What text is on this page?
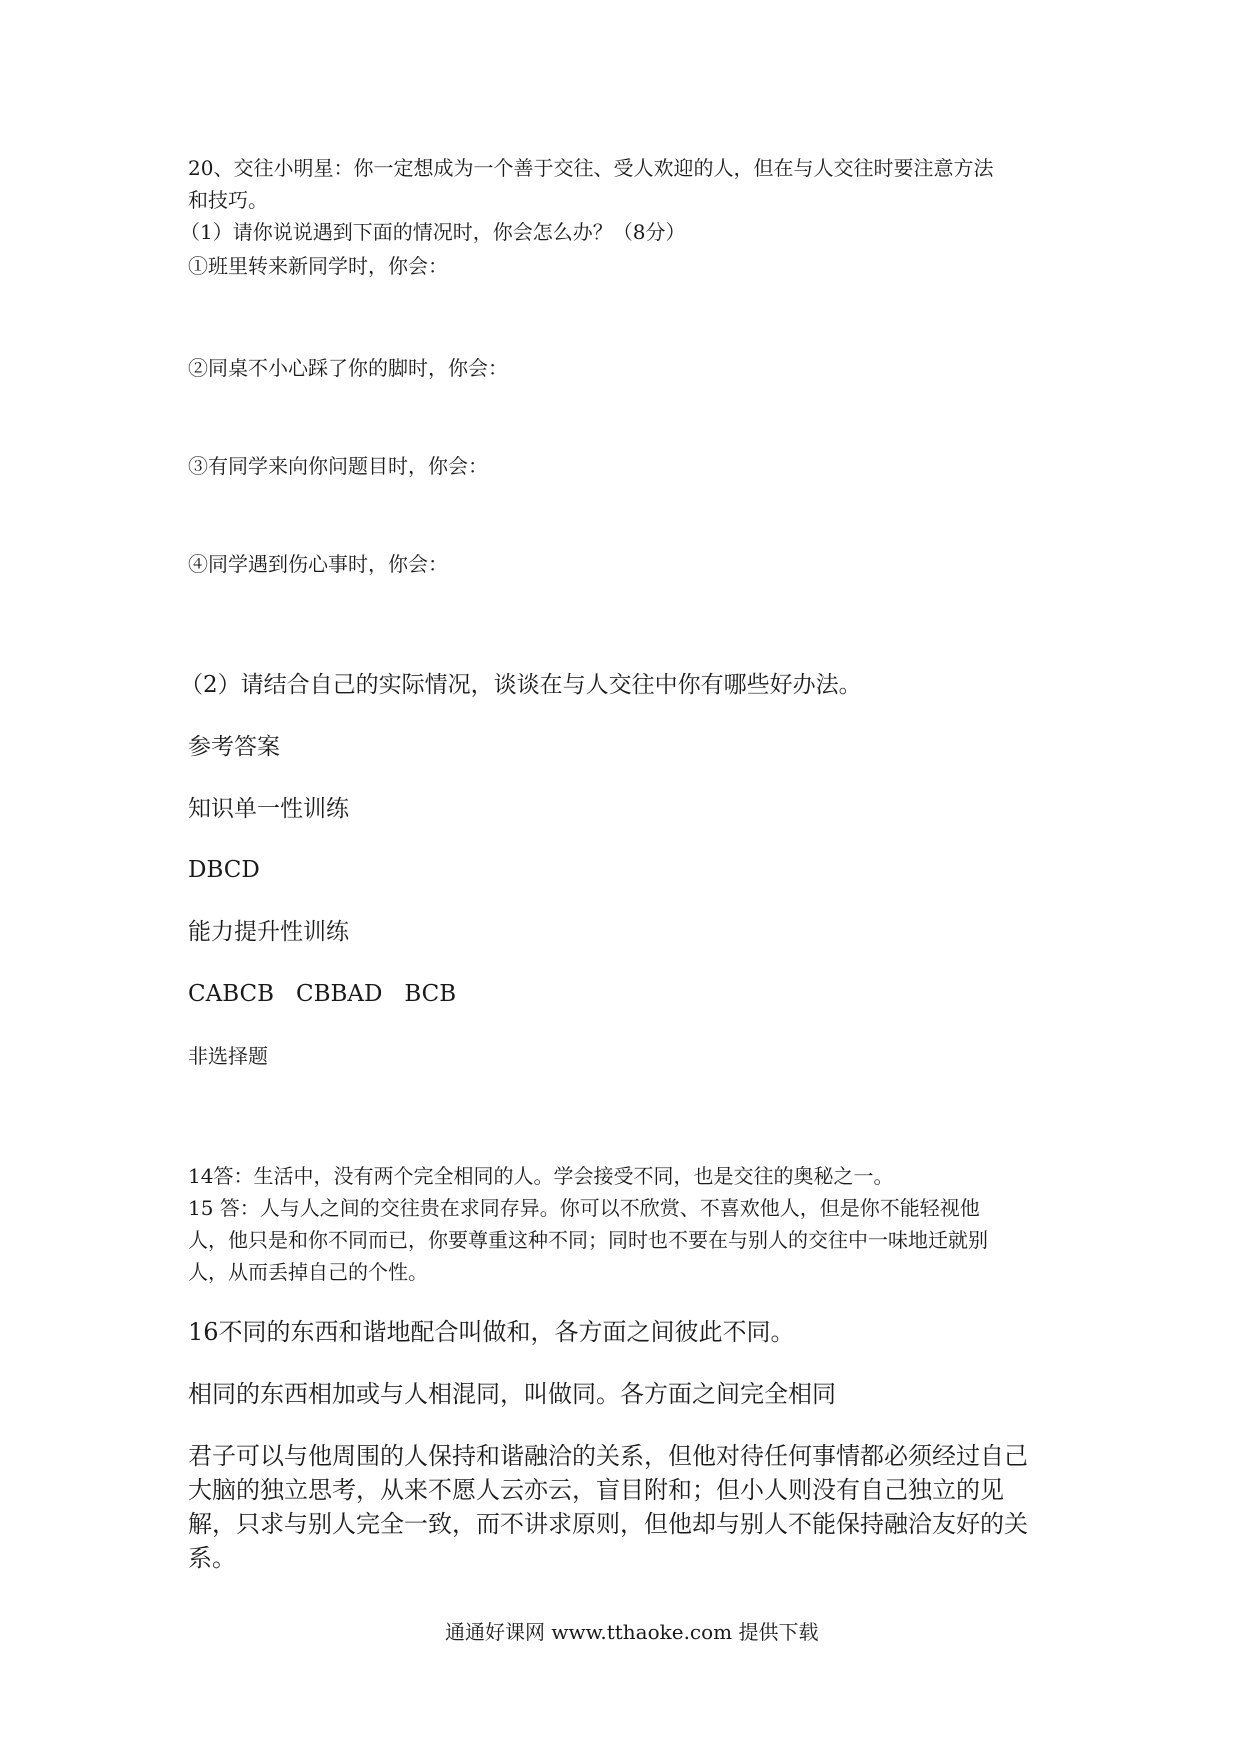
20、交往小明星：你一定想成为一个善于交往、受人欢迎的人，但在与人交往时要注意方法

和技巧。

（1）请你说说遇到下面的情况时，你会怎么办？（8分）

①班里转来新同学时，你会：

②同桌不小心踩了你的脚时，你会：

③有同学来向你问题目时，你会：

④同学遇到伤心事时，你会：

（2）请结合自己的实际情况，谈谈在与人交往中你有哪些好办法。

参考答案

知识单一性训练

DBCD

能力提升性训练

CABCB   CBBAD   BCB

非选择题

14答：生活中，没有两个完全相同的人。学会接受不同，也是交往的奥秘之一。

15 答：人与人之间的交往贵在求同存异。你可以不欣赏、不喜欢他人，但是你不能轻视他

人，他只是和你不同而已，你要尊重这种不同；同时也不要在与别人的交往中一味地迁就别

人，从而丢掉自己的个性。

16不同的东西和谐地配合叫做和，各方面之间彼此不同。

相同的东西相加或与人相混同，叫做同。各方面之间完全相同

君子可以与他周围的人保持和谐融洽的关系，但他对待任何事情都必须经过自己

大脑的独立思考，从来不愿人云亦云，盲目附和；但小人则没有自己独立的见

解，只求与别人完全一致，而不讲求原则，但他却与别人不能保持融洽友好的关

系。

通通好课网 www.tthaoke.com 提供下载
